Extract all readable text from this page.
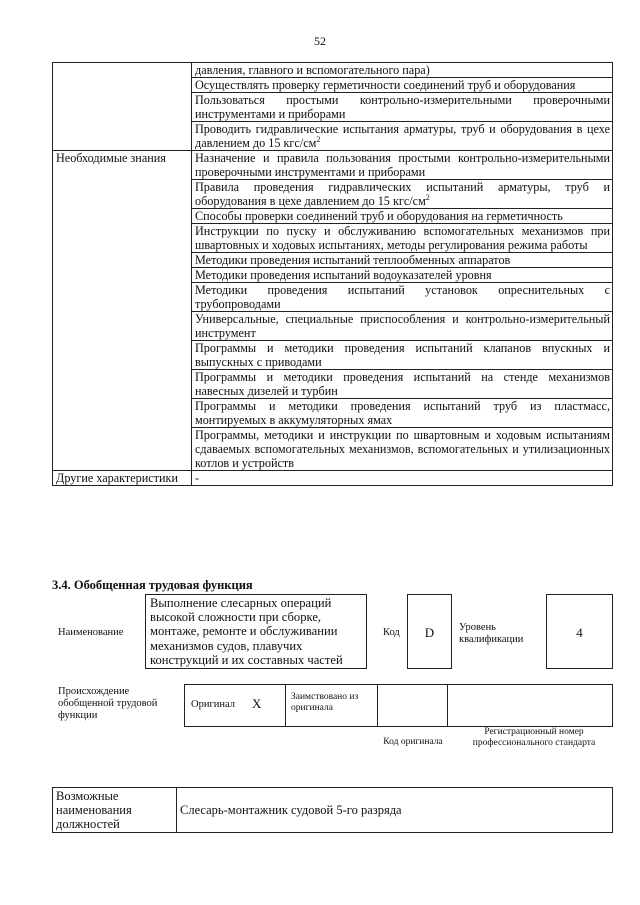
52
	давления, главного и вспомогательного пара)
	Осуществлять проверку герметичности соединений труб и оборудования
	Пользоваться простыми контрольно-измерительными проверочными инструментами и приборами
	Проводить гидравлические испытания арматуры, труб и оборудования в цехе давлением до 15 кгс/$см^2$
Необходимые знания	Назначение и правила пользования простыми контрольно-измерительными проверочными инструментами и приборами
	Правила проведения гидравлических испытаний арматуры, труб и оборудования в цехе давлением до 15 кгс/$см^2$
	Способы проверки соединений труб и оборудования на герметичность
	Инструкции по пуску и обслуживанию вспомогательных механизмов при швартовных и ходовых испытаниях, методы регулирования режима работы
	Методики проведения испытаний теплообменных аппаратов
	Методики проведения испытаний водоуказателей уровня
	Методики проведения испытаний установок опреснительных с трубопроводами
	Универсальные, специальные приспособления и контрольно-измерительный инструмент
	Программы и методики проведения испытаний клапанов впускных и выпускных с приводами
	Программы и методики проведения испытаний на стенде механизмов навесных дизелей и турбин
	Программы и методики проведения испытаний труб из пластмасс, монтируемых в аккумуляторных ямах
	Программы, методики и инструкции по швартовным и ходовым испытаниям сдаваемых вспомогательных механизмов, вспомогательных и утилизационных котлов и устройств
Другие характеристики	-
3.4. Обобщенная трудовая функция
Наименование
Выполнение слесарных операций высокой сложности при сборке, монтаже, ремонте и обслуживании механизмов судов, плавучих конструкций и их составных частей
Код	D	Уровень квалификации	4
Происхождение обобщенной трудовой функции
Оригинал X	Заимствовано из оригинала
Код оригинала
Регистрационный номер профессионального стандарта
Возможные наименования должностей	Слесарь-монтажник судовой 5-го разряда
